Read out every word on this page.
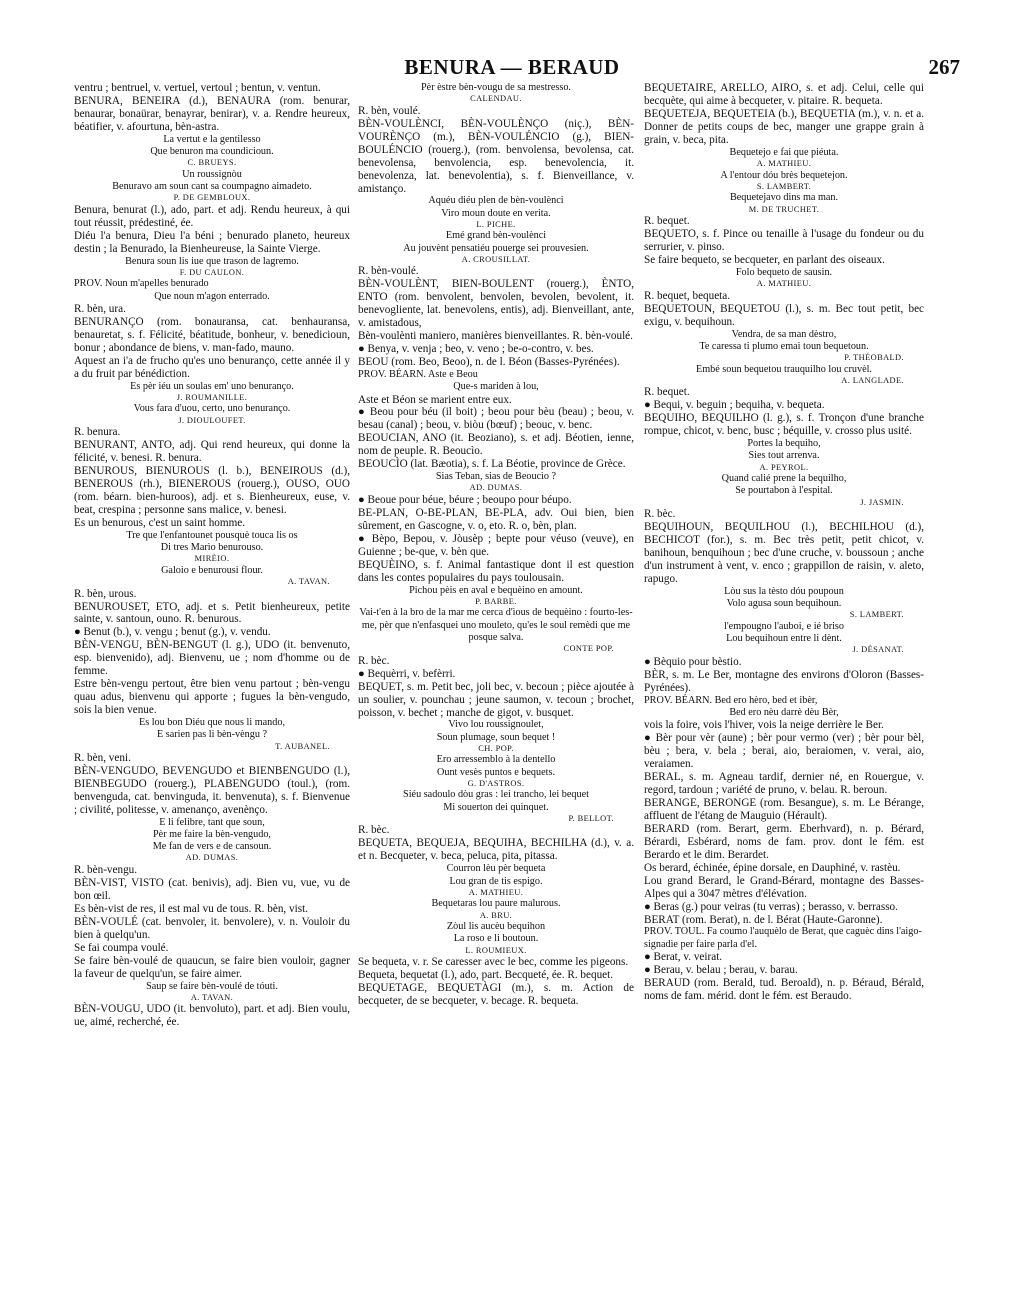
BENURA — BERAUD	267
ventru ; bentruel, v. vertuel, vertoul ; bentun, v. ventun.
BENURA, BENEIRA (d.), BENAURA (rom. benurar, benaurar, bonaürar, benayrar, benirar), v. a. Rendre heureux, béatifier, v. afourtuna, bèn-astra.
La vertut e la gentilesso
Que benuron ma coundicioun.
C. BRUEYS.
Un roussignòu
Benuravo am soun cant sa coumpagno aimadeto.
P. DE GEMBLOUX.
Benura, benurat (l.), ado, part. et adj. Rendu heureux, à qui tout réussit, prédestiné, ée.
Diéu l'a benura, Dieu l'a béni ; benurado planeto, heureux destin ; la Benurado, la Bienheureuse, la Sainte Vierge.
Benura soun lis iue que trason de lagremo.
F. DU CAULON.
PROV. Noun m'apelles benurado
Que noun m'agon enterrado.
R. bèn, ura.
BENURANÇO (rom. bonauransa, cat. benhauransa, benauretat, s. f. Félicité, béatitude, bonheur, v. benedicioun, bonur ; abondance de biens, v. man-fado, mauno.
Aquest an i'a de frucho qu'es uno benuranço, cette année il y a du fruit par bénédiction.
Es pèr iéu un soulas em' uno benuranço.
J. ROUMANILLE.
Vous fara d'uou, certo, uno benuranço.
J. DIOULOUFET.
R. benura.
BENURANT, ANTO, adj. Qui rend heureux, qui donne la félicité, v. benesi. R. benura.
BENUROUS, BIENUROUS (l. b.), BENEIROUS (d.), BENEROUS (rh.), BIENEROUS (rouerg.), OUSO, OUO (rom. béarn. bien-huroos), adj. et s. Bienheureux, euse, v. beat, crespina ; personne sans malice, v. benesi.
Es un benurous, c'est un saint homme.
Tre que l'enfantounet pousquè touca lis os
Di tres Marìo benurouso.
MIRÈIO.
Galoio e benurousi flour.
A. TAVAN.
R. bèn, urous.
BENUROUSET, ETO, adj. et s. Petit bienheureux, petite sainte, v. santoun, ouno. R. benurous.
● Benut (b.), v. vengu ; benut (g.), v. vendu.
BÈN-VENGU, BÈN-BENGUT (l. g.), UDO (it. benvenuto, esp. bienvenido), adj. Bienvenu, ue ; nom d'homme ou de femme.
Estre bèn-vengu pertout, être bien venu partout ; bèn-vengu quau adus, bienvenu qui apporte ; fugues la bèn-vengudo, sois la bien venue.
Es lou bon Diéu que nous li mando,
E sarien pas li bèn-vèngu ?
T. AUBANEL.
R. bèn, veni.
BÈN-VENGUDO, BEVENGUDO et BIENBENGUDO (l.), BIENBEGUDO (rouerg.), PLABENGUDO (toul.), (rom. benvenguda, cat. benvinguda, it. benvenuta), s. f. Bienvenue ; civilité, politesse, v. amenanço, avenènço.
E li felibre, tant que soun,
Pèr me faire la bèn-vengudo,
Me fan de vers e de cansoun.
AD. DUMAS.
R. bèn-vengu.
BÈN-VIST, VISTO (cat. benivis), adj. Bien vu, vue, vu de bon œil.
Es bèn-vist de res, il est mal vu de tous. R. bèn, vist.
BÈN-VOULÉ (cat. benvoler, it. benvolere), v. n. Vouloir du bien à quelqu'un.
Se fai coumpa voulé.
Se faire bèn-voulé de quaucun, se faire bien vouloir, gagner la faveur de quelqu'un, se faire aimer.
Saup se faire bèn-voulé de tóuti.
A. TAVAN.
BÈN-VOUGU, UDO (it. benvoluto), part. et adj. Bien voulu, ue, aimé, recherché, ée.
Pèr èstre bèn-vougu de sa mestresso.
CALENDAU.
R. bèn, voulé.
BÈN-VOULÈNCI, BÈN-VOULÈNÇO (niç.), BÈN-VOURÈNÇO (m.), BÈN-VOULÉNCIO (g.), BIEN-BOULÉNCIO (rouerg.), (rom. benvolensa, bevolensa, cat. benevolensa, benvolencia, esp. benevolencia, it. benevolenza, lat. benevolentia), s. f. Bienveillance, v. amistanço.
Aquéu diéu plen de bèn-voulènci
Viro moun doute en verita.
L. PICHE.
Emé grand bèn-voulènci
Au jouvènt pensatiéu pouerge sei prouvesien.
A. CROUSILLAT.
R. bèn-voulé.
BÈN-VOULÈNT, BIEN-BOULENT (rouerg.), ÈNTO, ENTO (rom. benvolent, benvolen, bevolen, bevolent, it. benevogliente, lat. benevolens, entis), adj. Bienveillant, ante, v. amistadous,
Bèn-voulènti maniero, manières bienveillantes. R. bèn-voulé.
● Benya, v. venja ; beo, v. veno ; be-o-contro, v. bes.
BEOU (rom. Beo, Beoo), n. de l. Béon (Basses-Pyrénées).
PROV. BÉARN. Aste e Beou
Que-s mariden à lou,
Aste et Béon se marient entre eux.
● Beou pour béu (il boit) ; beou pour bèu (beau) ; beou, v. besau (canal) ; beou, v. biòu (bœuf) ; beouc, v. benc.
BEOUCIAN, ANO (it. Beoziano), s. et adj. Béotien, ienne, nom de peuple. R. Beoucìo.
BEOUCÌO (lat. Bæotia), s. f. La Béotie, province de Grèce.
Sias Teban, sias de Beoucìo ?
AD. DUMAS.
● Beoue pour béue, béure ; beoupo pour béupo.
BE-PLAN, O-BE-PLAN, BE-PLA, adv. Oui bien, bien sûrement, en Gascogne, v. o, eto. R. o, bèn, plan.
● Bèpo, Bepou, v. Jòusèp ; bepte pour véuso (veuve), en Guienne ; be-que, v. bèn que.
BEQUÈINO, s. f. Animal fantastique dont il est question dans les contes populaires du pays toulousain.
Pichou pèis en aval e bequèino en amount.
P. BARBE.
Vai-t'en à la bro de la mar me cerca d'ìous de bequèino : fourto-les-me, pèr que n'enfasquei uno mouleto, qu'es le soul remèdi que me posque salva.
CONTE POP.
R. bèc.
● Bequèrri, v. befèrri.
BEQUET, s. m. Petit bec, joli bec, v. becoun ; pièce ajoutée à un soulier, v. pounchau ; jeune saumon, v. tecoun ; brochet, poisson, v. bechet ; manche de gigot, v. busquet.
Vivo lou roussignoulet,
Soun plumage, soun bequet !
CH. POP.
Ero arressemblo à la dentello
Ount vesès puntos e bequets.
G. D'ASTROS.
Siéu sadoulo dòu gras : lei trancho, lei bequet
Mi souerton dei quinquet.
P. BELLOT.
R. bèc.
BEQUETA, BEQUEJA, BEQUIHA, BECHILHA (d.), v. a. et n. Becqueter, v. beca, peluca, pita, pitassa.
Courron lèu pèr bequeta
Lou gran de tis espigo.
A. MATHIEU.
Bequetaras lou paure malurous.
A. BRU.
Zòul lis aucèu bequihon
La roso e li boutoun.
L. ROUMIEUX.
Se bequeta, v. r. Se caresser avec le bec, comme les pigeons.
Bequeta, bequetat (l.), ado, part. Becqueté, ée. R. bequet.
BEQUETAGE, BEQUETÀGI (m.), s. m. Action de becqueter, de se becqueter, v. becage. R. bequeta.
BEQUETAIRE, ARELLO, AIRO, s. et adj. Celui, celle qui becquète, qui aime à becqueter, v. pitaire. R. bequeta.
BEQUETEJA, BEQUETEIA (b.), BEQUETIA (m.), v. n. et a. Donner de petits coups de bec, manger une grappe grain à grain, v. beca, pita.
Bequetejo e fai que piéuta.
A. MATHIEU.
A l'entour dóu brès bequetejon.
S. LAMBERT.
Bequetejavo dins ma man.
M. DE TRUCHET.
R. bequet.
BEQUETO, s. f. Pince ou tenaille à l'usage du fondeur ou du serrurier, v. pinso.
Se faire bequeto, se becqueter, en parlant des oiseaux.
Folo bequeto de sausin.
A. MATHIEU.
R. bequet, bequeta.
BEQUETOUN, BEQUETOU (l.), s. m. Bec tout petit, bec exigu, v. bequihoun.
Vendra, de sa man dèstro,
Te caressa ti plumo emai toun bequetoun.
P. THÉOBALD.
Embé soun bequetou trauquilho lou cruvèl.
A. LANGLADE.
R. bequet.
● Bequi, v. beguin ; bequiha, v. bequeta.
BEQUIHO, BEQUILHO (l. g.), s. f. Tronçon d'une branche rompue, chicot, v. benc, busc ; béquille, v. crosso plus usité.
Portes la bequiho,
Sies tout arrenva.
A. PEYROL.
Quand calié prene la bequilho,
Se pourtabon à l'espital.
J. JASMIN.
R. bèc.
BEQUIHOUN, BEQUILHOU (l.), BECHILHOU (d.), BECHICOT (for.), s. m. Bec très petit, petit chicot, v. banihoun, benquihoun ; bec d'une cruche, v. boussoun ; anche d'un instrument à vent, v. enco ; grappillon de raisin, v. aleto, rapugo.
Lòu sus la tèsto dóu poupoun
Volo agusa soun bequihoun.
S. LAMBERT.
l'empougno l'auboi, e ié briso
Lou bequihoun entre li dènt.
J. DÉSANAT.
● Bèquio pour bèstio.
BÈR, s. m. Le Ber, montagne des environs d'Oloron (Basses-Pyrénées).
PROV. BÉARN. Bed ero hèro, bed et ibèr,
Bed ero nèu darrè dèu Bèr,
vois la foire, vois l'hiver, vois la neige derrière le Ber.
● Bèr pour vèr (aune) ; bèr pour vermo (ver) ; bèr pour bèl, bèu ; bera, v. bela ; berai, aio, beraiomen, v. verai, aio, veraiamen.
BERAL, s. m. Agneau tardif, dernier né, en Rouergue, v. regord, tardoun ; variété de pruno, v. belau. R. beroun.
BERANGE, BERONGE (rom. Besangue), s. m. Le Bérange, affluent de l'étang de Mauguio (Hérault).
BERARD (rom. Berart, germ. Eberhvard), n. p. Bérard, Bérardi, Esbérard, noms de fam. prov. dont le fém. est Berardo et le dim. Berardet.
Os berard, échinée, épine dorsale, en Dauphiné, v. rastèu.
Lou grand Berard, le Grand-Bérard, montagne des Basses-Alpes qui a 3047 mètres d'élévation.
● Beras (g.) pour veiras (tu verras) ; berasso, v. berrasso.
BERAT (rom. Berat), n. de l. Bérat (Haute-Garonne).
PROV. TOUL. Fa coumo l'auquèlo de Berat, que caguèc dins l'aigo-signadìe per faire parla d'el.
● Berat, v. veirat.
● Berau, v. belau ; berau, v. barau.
BERAUD (rom. Berald, tud. Beroald), n. p. Béraud, Bérald, noms de fam. mérid. dont le fém. est Beraudo.
